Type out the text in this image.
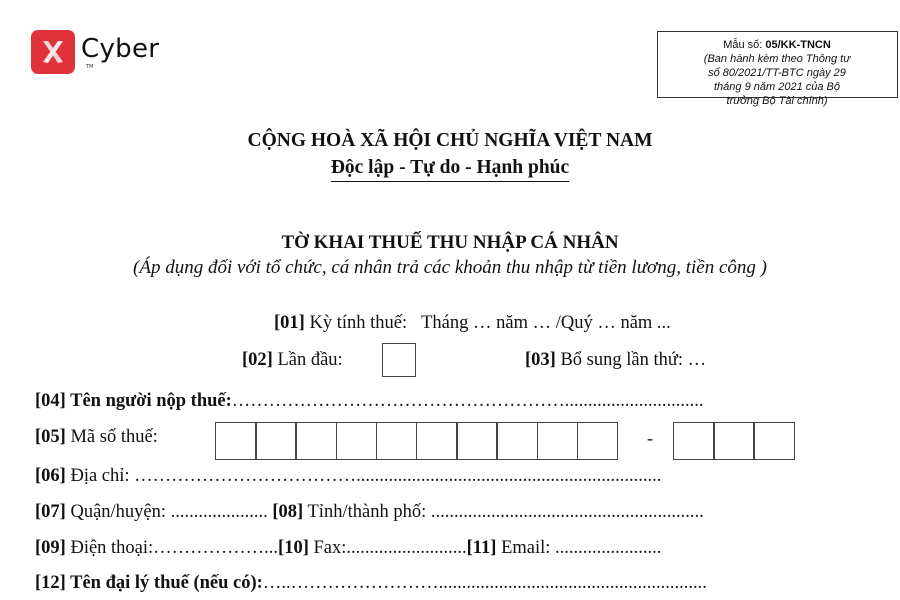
Cyber
TM
Mẫu số: 05/KK-TNCN
(Ban hành kèm theo Thông tư
số 80/2021/TT-BTC ngày 29
tháng 9 năm 2021 của Bộ
trưởng Bộ Tài chính)
CỘNG HOÀ XÃ HỘI CHỦ NGHĨA VIỆT NAM
Độc lập - Tự do - Hạnh phúc
TỜ KHAI THUẾ THU NHẬP CÁ NHÂN
(Áp dụng đối với tổ chức, cá nhân trả các khoản thu nhập từ tiền lương, tiền công )
[01] Kỳ tính thuế: Tháng … năm … /Quý … năm ...
[02] Lần đầu:	[03] Bổ sung lần thứ: …
[04] Tên người nộp thuế:………………………………………………..............................
[05] Mã số thuế:	-
[06] Địa chỉ: ………………………………..................................................................
[07] Quận/huyện: ..................... [08] Tỉnh/thành phố: ...........................................................
[09] Điện thoại:………………...[10] Fax:..........................[11] Email: .......................
[12] Tên đại lý thuế (nếu có):…..……………………..........................................................
